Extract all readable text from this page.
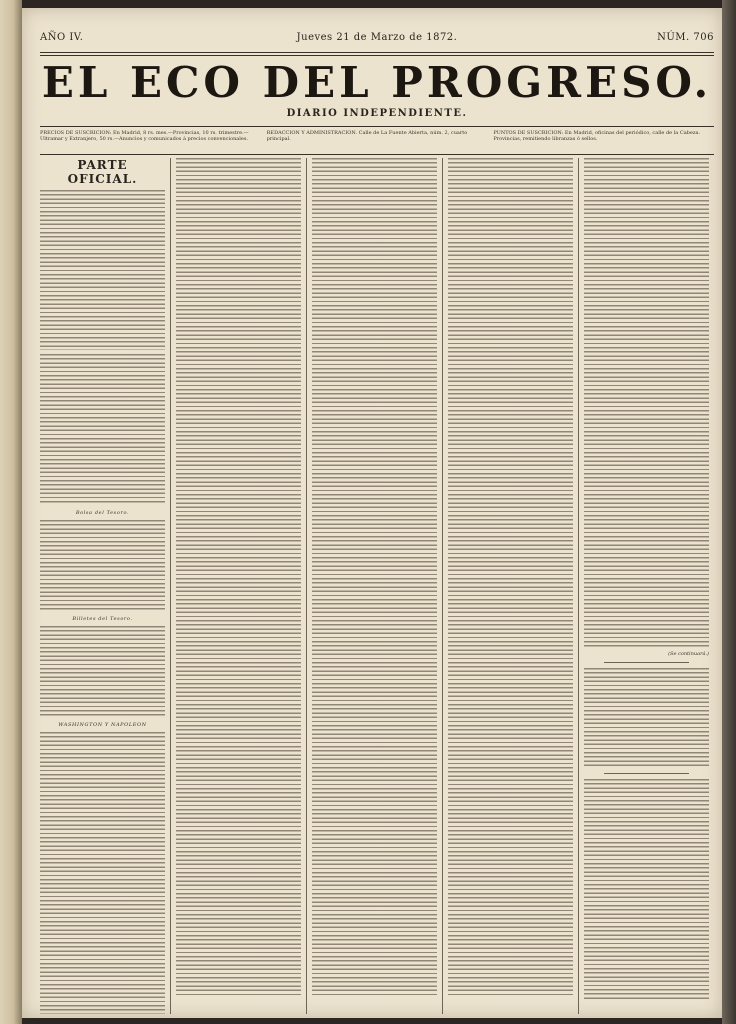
AÑO IV.	Jueves 21 de Marzo de 1872.	NÚM. 706
EL ECO DEL PROGRESO.
DIARIO INDEPENDIENTE.
PRECIOS DE SUSCRICION: En Madrid, 8 rs. mes.—Provincias, 10 rs. trimestre.—Ultramar y Extranjero, 50 rs.—Anuncios y comunicados á precios convencionales.
REDACCION Y ADMINISTRACION. Calle de La Fuente Abierta, núm. 2, cuarto principal.
PUNTOS DE SUSCRICION: En Madrid, oficinas del periódico, calle de la Cabeza. Provincias, remitiendo libranzas ó sellos.
PARTE OFICIAL.
Bolsa del Tesoro.
Billetes del Tesoro.
WASHINGTON Y NAPOLEON
(Se continuará.)
